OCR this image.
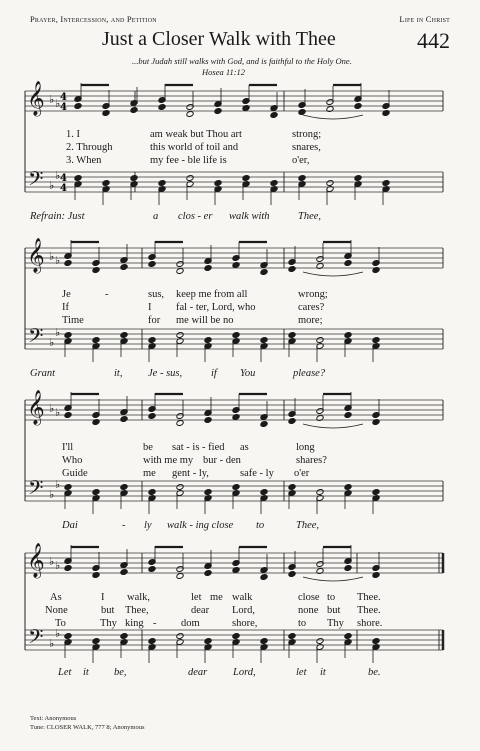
Prayer, Intercession, and Petition	Life in Christ
Just a Closer Walk with Thee	442
...but Judah still walks with God, and is faithful to the Holy One.
Hosea 11:12
𝄞
𝄢
♭ ♭
♭
♭
4
4
4
4
𝄞
𝄢
♭ ♭
♭
♭
𝄞
𝄢
♭ ♭
♭
♭
𝄞
𝄢
♭ ♭
♭
♭
1. I	am weak but Thou art	strong;
2. Through	this world of toil and	snares,
3. When	my fee - ble life is	o'er,
Refrain: Just	a clos - er walk with	Thee,
Je	-	sus, keep me from all	wrong;
If	I fal - ter, Lord, who	cares?
Time	for me will be no	more;
Grant	it, Je - sus,	if You	please?
I'll	be sat - is - fied as	long
Who	with me my bur - den	shares?
Guide	me gent - ly,	safe - ly o'er
Dai	- ly walk - ing close to	Thee,
As	I walk,	let me walk	close to Thee.
None	but Thee,	dear Lord,	none but Thee.
To	Thy king - dom	shore,	to Thy shore.
Let it be,	dear Lord,	let it	be.
Text: Anonymous
Tune: CLOSER WALK, 777 8; Anonymous
